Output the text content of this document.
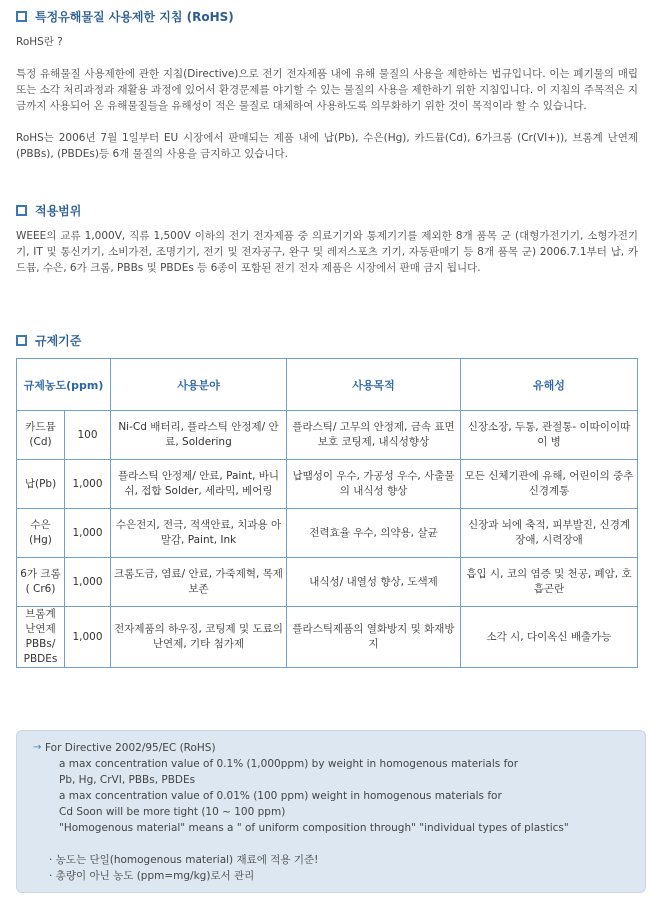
특정유해물질 사용제한 지침 (RoHS)

RoHS란 ?

특정 유해물질 사용제한에 관한 지침(Directive)으로 전기 전자제품 내에 유해 물질의 사용을 제한하는 법규입니다. 이는 폐기물의 매립 또는 소각 처리과정과 재활용 과정에 있어서 환경문제를 야기할 수 있는 물질의 사용을 제한하기 위한 지침입니다. 이 지침의 주목적은 지금까지 사용되어 온 유해물질들을 유해성이 적은 물질로 대체하여 사용하도록 의무화하기 위한 것이 목적이라 할 수 있습니다.

RoHS는 2006년 7월 1일부터 EU 시장에서 판매되는 제품 내에 납(Pb), 수은(Hg), 카드뮴(Cd), 6가크롬 (Cr(VI+)), 브롬계 난연제(PBBs), (PBDEs)등 6개 물질의 사용을 금지하고 있습니다.

적용범위

WEEE의 교류 1,000V, 직류 1,500V 이하의 전기 전자제품 중 의료기기와 통제기기를 제외한 8개 품목 군 (대형가전기기, 소형가전기기, IT 및 통신기기, 소비가전, 조명기기, 전기 및 전자공구, 완구 및 레저스포츠 기기, 자동판매기 등 8개 품목 군) 2006.7.1부터 납, 카드뮴, 수은, 6가 크롬, PBBs 및 PBDEs 등 6종이 포함된 전기 전자 제품은 시장에서 판매 금지 됩니다.

규제기준
규제농도(ppm)		사용분야	사용목적	유해성
카드뮴 (Cd)	100	Ni-Cd 배터리, 플라스틱 안정제/ 안료, Soldering	플라스틱/ 고무의 안정제, 금속 표면보호 코팅제, 내식성향상	신장소장, 두통, 관절통- 이따이이따이 병
납(Pb)	1,000	플라스틱 안정제/ 안료, Paint, 바니쉬, 접합 Solder, 세라믹, 베어링	납땜성이 우수, 가공성 우수, 사출물의 내식성 향상	모든 신체기관에 유해, 어린이의 중추 신경계통
수은 (Hg)	1,000	수은전지, 전극, 적색안료, 치과용 아말감, Paint, Ink	전력효율 우수, 의약용, 살균	신장과 뇌에 축적, 피부발진, 신경계 장애, 시력장애
6가 크롬 ( Cr6)	1,000	크롬도금, 염료/ 안료, 가죽제혁, 목제보존	내식성/ 내열성 향상, 도색제	흡입 시, 코의 염증 및 천공, 폐암, 호흡곤란
브롬계 난연제 PBBs/ PBDEs	1,000	전자제품의 하우징, 코팅제 및 도료의 난연제, 기타 첨가제	플라스틱제품의 열화방지 및 화재방지	소각 시, 다이옥신 배출가능
→ For Directive 2002/95/EC (RoHS)
a max concentration value of 0.1% (1,000ppm) by weight in homogenous materials for
Pb, Hg, CrVI, PBBs, PBDEs
a max concentration value of 0.01% (100 ppm) weight in homogenous materials for
Cd Soon will be more tight (10 ~ 100 ppm)
"Homogenous material" means a " of uniform composition through" "individual types of plastics"
· 농도는 단일(homogenous material) 재료에 적용 기준!
· 총량이 아닌 농도 (ppm=mg/kg)로서 관리
